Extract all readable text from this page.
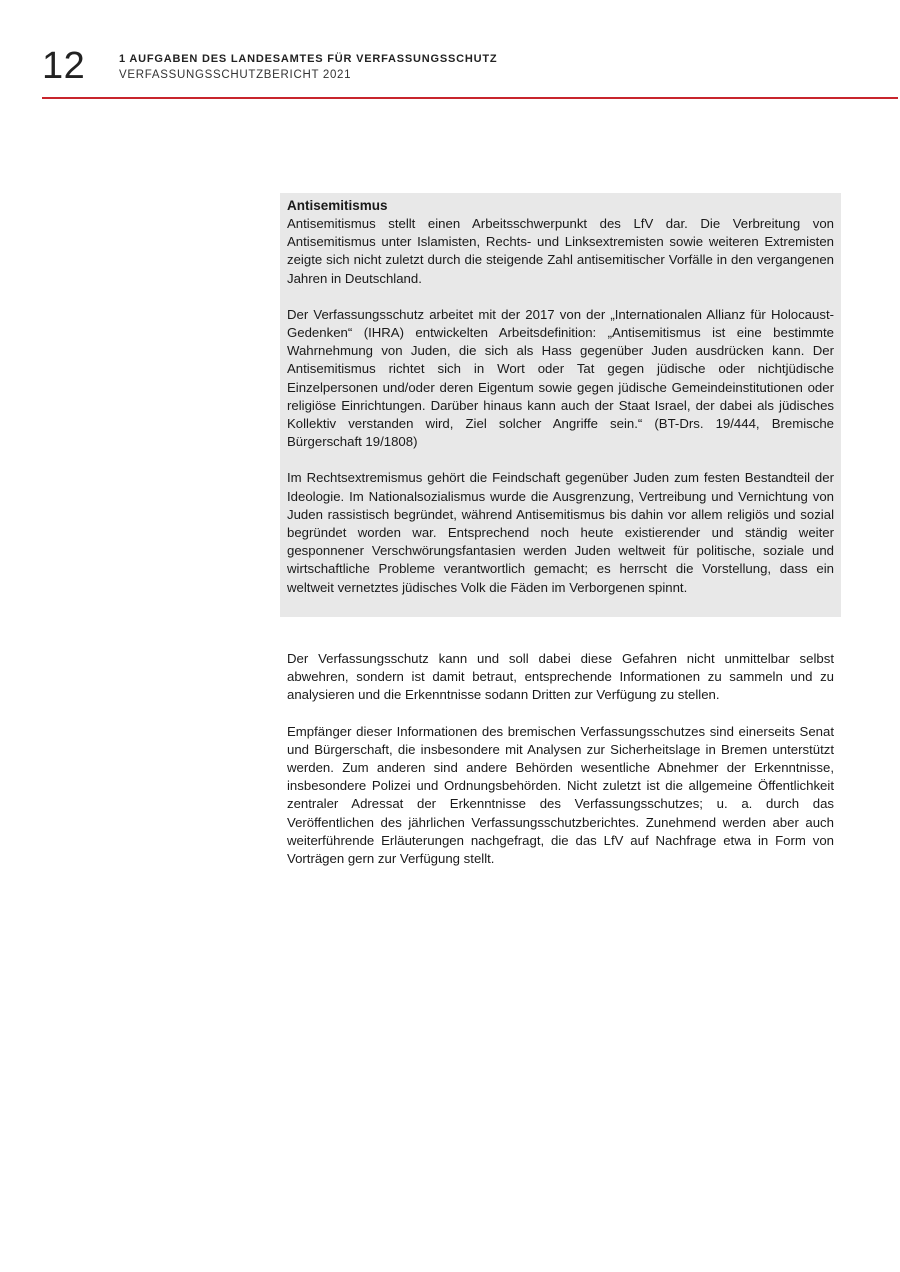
12	1 AUFGABEN DES LANDESAMTES FÜR VERFASSUNGSSCHUTZ
VERFASSUNGSSCHUTZBERICHT 2021
Antisemitismus

Antisemitismus stellt einen Arbeitsschwerpunkt des LfV dar. Die Verbreitung von Antisemitismus unter Islamisten, Rechts- und Linksextremisten sowie weiteren Extremisten zeigte sich nicht zuletzt durch die steigende Zahl antisemitischer Vorfälle in den vergangenen Jahren in Deutschland.

Der Verfassungsschutz arbeitet mit der 2017 von der „Internationalen Allianz für Holocaust-Gedenken“ (IHRA) entwickelten Arbeitsdefinition: „Antisemitismus ist eine bestimmte Wahrnehmung von Juden, die sich als Hass gegenüber Juden ausdrücken kann. Der Antisemitismus richtet sich in Wort oder Tat gegen jüdische oder nichtjüdische Einzelpersonen und/oder deren Eigentum sowie gegen jüdische Gemeindeinstitutionen oder religiöse Einrichtungen. Darüber hinaus kann auch der Staat Israel, der dabei als jüdisches Kollektiv verstanden wird, Ziel solcher Angriffe sein.“ (BT-Drs. 19/444, Bremische Bürgerschaft 19/1808)

Im Rechtsextremismus gehört die Feindschaft gegenüber Juden zum festen Bestandteil der Ideologie. Im Nationalsozialismus wurde die Ausgrenzung, Vertreibung und Vernichtung von Juden rassistisch begründet, während Antisemitismus bis dahin vor allem religiös und sozial begründet worden war. Entsprechend noch heute existierender und ständig weiter gesponnener Verschwörungsfantasien werden Juden weltweit für politische, soziale und wirtschaftliche Probleme verantwortlich gemacht; es herrscht die Vorstellung, dass ein weltweit vernetztes jüdisches Volk die Fäden im Verborgenen spinnt.

Der Verfassungsschutz kann und soll dabei diese Gefahren nicht unmittelbar selbst abwehren, sondern ist damit betraut, entsprechende Informationen zu sammeln und zu analysieren und die Erkenntnisse sodann Dritten zur Verfügung zu stellen.

Empfänger dieser Informationen des bremischen Verfassungsschutzes sind einerseits Senat und Bürgerschaft, die insbesondere mit Analysen zur Sicherheitslage in Bremen unterstützt werden. Zum anderen sind andere Behörden wesentliche Abnehmer der Erkenntnisse, insbesondere Polizei und Ordnungsbehörden. Nicht zuletzt ist die allgemeine Öffentlichkeit zentraler Adressat der Erkenntnisse des Verfassungsschutzes; u. a. durch das Veröffentlichen des jährlichen Verfassungsschutzberichtes. Zunehmend werden aber auch weiterführende Erläuterungen nachgefragt, die das LfV auf Nachfrage etwa in Form von Vorträgen gern zur Verfügung stellt.
